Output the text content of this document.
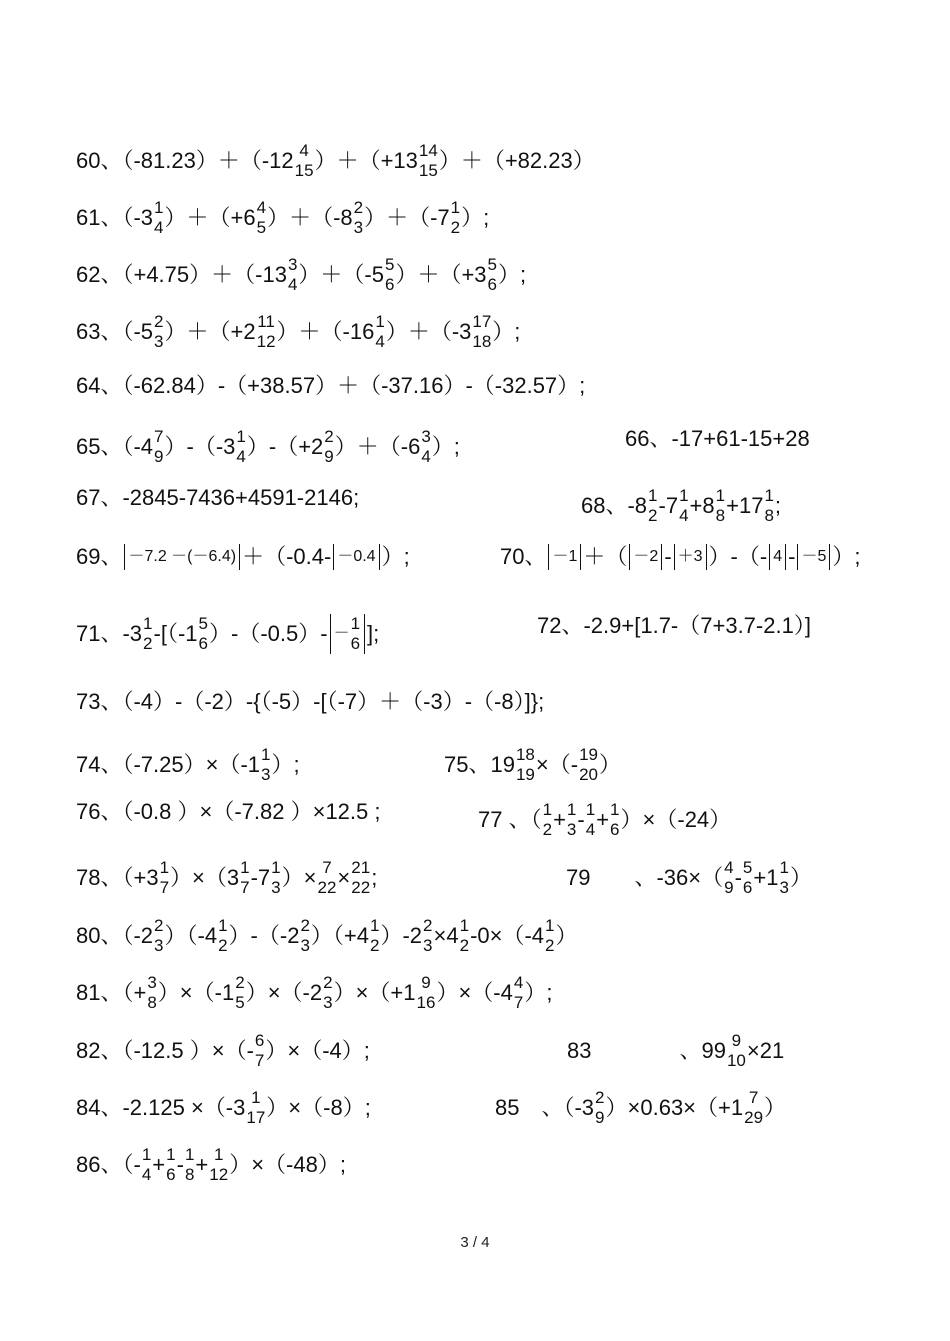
60、（-81.23）＋（-12 4
15 ）＋（+13 14
15 ）＋（+82.23）
61、（-3 1
4 ）＋（+6 4
5 ）＋（-8 2
3 ）＋（-7 1
2 ）;
62、（+4.75）＋（-13 3
4 ）＋（-5 5
6 ）＋（+3 5
6 ）;
63、（-5 2
3 ）＋（+2 11
12 ）＋（-16 1
4 ）＋（-3 17
18 ）;
64、（-62.84）-（+38.57）＋（-37.16）-（-32.57）;
65、（-4 7
9 ）-（-3 1
4 ）-（+2 2
9 ）＋（-6 3
4 ）;	66、-17+61-15+28
67、-2845-7436+4591-2146;	68、-8 1
2 -7 1
4 +8 1
8 +17 1
8 ;
69、 －7.2 －(－6.4) ＋（-0.4- －0.4 ）;	70、 －1 ＋（ －2 - ＋3 ）-（- 4 - －5 ）;
71、-3 1
2 -[（-1 5
6 ）-（-0.5）- －
1
6 ];	72、-2.9+[1.7-（7+3.7-2.1）]
73、（-4）-（-2）-{（-5）-[（-7）＋（-3）-（-8）]};
74、（-7.25）×（-1 1
3 ）;	75、19 18
19 ×（- 19
20 ）
76、（-0.8 ）×（-7.82 ）×12.5 ;	77 、（ 1
2 + 1
3 - 1
4 + 1
6 ）×（-24）
78、（+3 1
7 ）×（3 1
7 -7 1
3 ）× 7
22 × 21
22 ;	79　　、-36×（ 4
9 - 5
6 +1 1
3 ）
80、（-2 2
3 ）（-4 1
2 ）-（-2 2
3 ）（+4 1
2 ）-2 2
3 ×4 1
2 -0×（-4 1
2 ）
81、（+ 3
8 ）×（-1 2
5 ）×（-2 2
3 ）×（+1 9
16 ）×（-4 4
7 ）;
82、（-12.5 ）×（- 6
7 ）×（-4）;	83　　　　、99 9
10 ×21
84、-2.125 ×（-3 1
17 ）×（-8）;	85　、（-3 2
9 ）×0.63×（+1 7
29 ）
86、（- 1
4 + 1
6 - 1
8 + 1
12 ）×（-48）;
3 / 4
